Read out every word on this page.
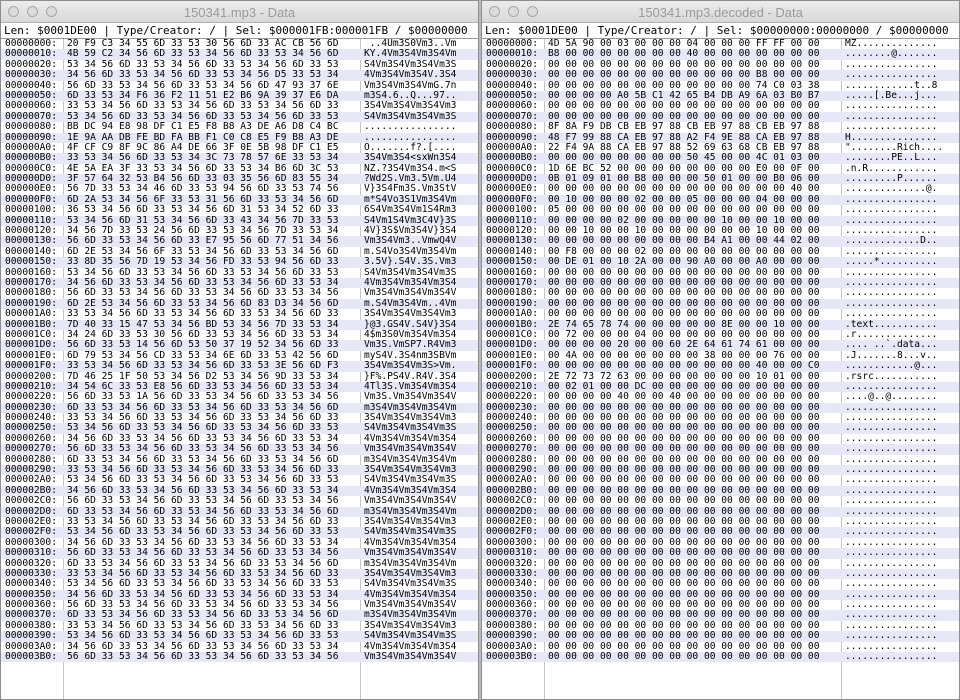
150341.mp3 - Data
Len: $0001DE00 | Type/Creator: / | Sel: $000001FB:000001FB / $00000000
00000000: 20 F9 C3 34 55 6D 33 53 30 56 6D 33 AC CB 56 6D	..4Um3S0Vm3..Vm
00000010: 4B 59 C2 34 56 6D 33 53 34 56 6D 33 53 34 56 6D	KY.4Vm3S4Vm3S4Vm
00000020: 53 34 56 6D 33 53 34 56 6D 33 53 34 56 6D 33 53	S4Vm3S4Vm3S4Vm3S
00000030: 34 56 6D 33 53 34 56 6D 33 53 34 56 D5 33 53 34	4Vm3S4Vm3S4V.3S4
00000040: 56 6D 33 53 34 56 6D 33 53 34 56 6D 47 93 37 6E	Vm3S4Vm3S4VmG.7n
00000050: 6D 33 53 34 F6 36 F2 11 51 E2 B6 9A 39 37 E6 DA	m3S4.6..Q...97..
00000060: 33 53 34 56 6D 33 53 34 56 6D 33 53 34 56 6D 33	3S4Vm3S4Vm3S4Vm3
00000070: 53 34 56 6D 33 53 34 56 6D 33 53 34 56 6D 33 53	S4Vm3S4Vm3S4Vm3S
00000080: BB DC 94 E8 98 DF C1 E5 F8 B8 A3 DE A6 D8 C4 BC	................
00000090: 1E 9A AA DB FE BD FA BB F1 C0 C8 E5 F9 B8 A3 DE	................
000000A0: 4F CF C9 8F 9C 86 A4 DE 66 3F 0E 5B 98 DF C1 E5	O.......f?.[....
000000B0: 33 53 34 56 6D 33 53 34 3C 73 78 57 6E 33 53 34	3S4Vm3S4<sxWn3S4
000000C0: 4E 5A EA 3F 33 53 34 56 6D 33 53 34 B6 6D 3C 53	NZ.?3S4Vm3S4.m<S
000000D0: 3F 57 64 32 53 B4 56 6D 33 03 35 56 6D 83 55 34	?Wd2S.Vm3.5Vm.U4
000000E0: 56 7D 33 53 34 46 6D 33 53 94 56 6D 33 53 74 56	V}3S4Fm3S.Vm3StV
000000F0: 6D 2A 53 34 56 6F 33 53 31 56 6D 33 53 34 56 6D	m*S4Vo3S1Vm3S4Vm
00000100: 36 53 34 56 6D 33 53 34 56 6D 31 53 34 52 6D 33	6S4Vm3S4Vm1S4Rm3
00000110: 53 34 56 6D 31 53 34 56 6D 33 43 34 56 7D 33 53	S4Vm1S4Vm3C4V}3S
00000120: 34 56 7D 33 53 24 56 6D 33 53 34 56 7D 33 53 34	4V}3S$Vm3S4V}3S4
00000130: 56 6D 33 53 34 56 6D 33 E7 95 56 6D 77 51 34 56	Vm3S4Vm3..VmwQ4V
00000140: 6D 2E 53 34 56 6F 33 53 34 56 6D 33 53 34 56 6D	m.S4Vo3S4Vm3S4Vm
00000150: 33 8D 35 56 7D 19 53 34 56 FD 33 53 94 56 6D 33	3.5V}.S4V.3S.Vm3
00000160: 53 34 56 6D 33 53 34 56 6D 33 53 34 56 6D 33 53	S4Vm3S4Vm3S4Vm3S
00000170: 34 56 6D 33 53 34 56 6D 33 53 34 56 6D 33 53 34	4Vm3S4Vm3S4Vm3S4
00000180: 56 6D 33 53 34 56 6D 33 53 34 56 6D 33 53 34 56	Vm3S4Vm3S4Vm3S4V
00000190: 6D 2E 53 34 56 6D 33 53 34 56 6D 83 D3 34 56 6D	m.S4Vm3S4Vm..4Vm
000001A0: 33 53 34 56 6D 33 53 34 56 6D 33 53 34 56 6D 33	3S4Vm3S4Vm3S4Vm3
000001B0: 7D 40 33 15 47 53 34 56 BD 53 34 56 7D 33 53 34	}@3.GS4V.S4V}3S4
000001C0: 34 24 6D 33 53 30 56 6D 33 53 34 56 6D 33 53 34	4$m3S0Vm3S4Vm3S4
000001D0: 56 6D 33 53 14 56 6D 53 50 37 19 52 34 56 6D 33	Vm3S.VmSP7.R4Vm3
000001E0: 6D 79 53 34 56 CD 33 53 34 6E 6D 33 53 42 56 6D	myS4V.3S4nm3SBVm
000001F0: 33 53 34 56 6D 33 53 34 56 6D 33 53 3E 56 6D F3	3S4Vm3S4Vm3S>Vm.
00000200: 7D 46 25 1F 50 53 34 56 D2 53 34 56 9D 33 53 34	}F%.PS4V.R4V.3S4
00000210: 34 54 6C 33 53 E8 56 6D 33 53 34 56 6D 33 53 34	4Tl3S.Vm3S4Vm3S4
00000220: 56 6D 33 53 1A 56 6D 33 53 34 56 6D 33 53 34 56	Vm3S.Vm3S4Vm3S4V
00000230: 6D 33 53 34 56 6D 33 53 34 56 6D 33 53 34 56 6D	m3S4Vm3S4Vm3S4Vm
00000240: 33 53 34 56 6D 33 53 34 56 6D 33 53 34 56 6D 33	3S4Vm3S4Vm3S4Vm3
00000250: 53 34 56 6D 33 53 34 56 6D 33 53 34 56 6D 33 53	S4Vm3S4Vm3S4Vm3S
00000260: 34 56 6D 33 53 34 56 6D 33 53 34 56 6D 33 53 34	4Vm3S4Vm3S4Vm3S4
00000270: 56 6D 33 53 34 56 6D 33 53 34 56 6D 33 53 34 56	Vm3S4Vm3S4Vm3S4V
00000280: 6D 33 53 34 56 6D 33 53 34 56 6D 33 53 34 56 6D	m3S4Vm3S4Vm3S4Vm
00000290: 33 53 34 56 6D 33 53 34 56 6D 33 53 34 56 6D 33	3S4Vm3S4Vm3S4Vm3
000002A0: 53 34 56 6D 33 53 34 56 6D 33 53 34 56 6D 33 53	S4Vm3S4Vm3S4Vm3S
000002B0: 34 56 6D 33 53 34 56 6D 33 53 34 56 6D 33 53 34	4Vm3S4Vm3S4Vm3S4
000002C0: 56 6D 33 53 34 56 6D 33 53 34 56 6D 33 53 34 56	Vm3S4Vm3S4Vm3S4V
000002D0: 6D 33 53 34 56 6D 33 53 34 56 6D 33 53 34 56 6D	m3S4Vm3S4Vm3S4Vm
000002E0: 33 53 34 56 6D 33 53 34 56 6D 33 53 34 56 6D 33	3S4Vm3S4Vm3S4Vm3
000002F0: 53 34 56 6D 33 53 34 56 6D 33 53 34 56 6D 33 53	S4Vm3S4Vm3S4Vm3S
00000300: 34 56 6D 33 53 34 56 6D 33 53 34 56 6D 33 53 34	4Vm3S4Vm3S4Vm3S4
00000310: 56 6D 33 53 34 56 6D 33 53 34 56 6D 33 53 34 56	Vm3S4Vm3S4Vm3S4V
00000320: 6D 33 53 34 56 6D 33 53 34 56 6D 33 53 34 56 6D	m3S4Vm3S4Vm3S4Vm
00000330: 33 53 34 56 6D 33 53 34 56 6D 33 53 34 56 6D 33	3S4Vm3S4Vm3S4Vm3
00000340: 53 34 56 6D 33 53 34 56 6D 33 53 34 56 6D 33 53	S4Vm3S4Vm3S4Vm3S
00000350: 34 56 6D 33 53 34 56 6D 33 53 34 56 6D 33 53 34	4Vm3S4Vm3S4Vm3S4
00000360: 56 6D 33 53 34 56 6D 33 53 34 56 6D 33 53 34 56	Vm3S4Vm3S4Vm3S4V
00000370: 6D 33 53 34 56 6D 33 53 34 56 6D 33 53 34 56 6D	m3S4Vm3S4Vm3S4Vm
00000380: 33 53 34 56 6D 33 53 34 56 6D 33 53 34 56 6D 33	3S4Vm3S4Vm3S4Vm3
00000390: 53 34 56 6D 33 53 34 56 6D 33 53 34 56 6D 33 53	S4Vm3S4Vm3S4Vm3S
000003A0: 34 56 6D 33 53 34 56 6D 33 53 34 56 6D 33 53 34	4Vm3S4Vm3S4Vm3S4
000003B0: 56 6D 33 53 34 56 6D 33 53 34 56 6D 33 53 34 56	Vm3S4Vm3S4Vm3S4V
150341.mp3.decoded - Data
Len: $0001DE00 | Type/Creator: / | Sel: $00000000:00000000 / $00000000
00000000: 4D 5A 90 00 03 00 00 00 04 00 00 00 FF FF 00 00	MZ..............
00000010: B8 00 00 00 00 00 00 00 40 00 00 00 00 00 00 00	........@.......
00000020: 00 00 00 00 00 00 00 00 00 00 00 00 00 00 00 00	................
00000030: 00 00 00 00 00 00 00 00 00 00 00 00 B8 00 00 00	................
00000040: 00 00 00 00 00 00 00 00 00 00 00 00 74 C0 03 38	............t..8
00000050: 00 00 00 00 A0 5B C1 42 65 B4 DB A9 6A 03 B0 B7	.....[.Be...j...
00000060: 00 00 00 00 00 00 00 00 00 00 00 00 00 00 00 00	................
00000070: 00 00 00 00 00 00 00 00 00 00 00 00 00 00 00 00	................
00000080: 8F 8A F9 DB CB EB 97 88 CB EB 97 88 CB EB 97 88	................
00000090: 48 F7 99 88 CA EB 97 88 A2 F4 9E 88 CA EB 97 88	H...............
000000A0: 22 F4 9A 88 CA EB 97 88 52 69 63 68 CB EB 97 88	"........Rich....
000000B0: 00 00 00 00 00 00 00 00 50 45 00 00 4C 01 03 00	........PE..L...
000000C0: 1D 6E BC 52 00 00 00 00 00 00 00 00 E0 00 0F 00	.n.R............
000000D0: 0B 01 09 01 00 B8 00 00 00 50 01 00 00 B0 06 00	.........P......
000000E0: 00 00 00 00 00 00 00 00 00 00 00 00 00 00 40 00	..............@.
000000F0: 00 10 00 00 00 02 00 00 05 00 00 00 04 00 00 00	................
00000100: 05 00 00 00 00 00 00 00 00 00 00 00 00 00 00 00	................
00000110: 00 00 00 00 02 00 00 00 00 00 10 00 00 10 00 00	................
00000120: 00 00 10 00 00 10 00 00 00 00 00 00 10 00 00 00	................
00000130: 00 00 00 00 00 00 00 00 00 B4 A1 00 00 44 02 00	.............D..
00000140: 00 F8 00 00 00 02 00 00 00 00 00 00 00 00 00 00	................
00000150: 00 DE 01 00 10 2A 00 00 90 A0 00 00 A0 00 00 00	.....*..........
00000160: 00 00 00 00 00 00 00 00 00 00 00 00 00 00 00 00	................
00000170: 00 00 00 00 00 00 00 00 00 00 00 00 00 00 00 00	................
00000180: 00 00 00 00 00 00 00 00 00 00 00 00 00 00 00 00	................
00000190: 00 00 00 00 00 00 00 00 00 00 00 00 00 00 00 00	................
000001A0: 00 00 00 00 00 00 00 00 00 00 00 00 00 00 00 00	................
000001B0: 2E 74 65 78 74 00 00 00 00 00 8E 00 00 10 00 00	.text...........
000001C0: 00 72 00 00 00 04 00 00 00 00 00 00 00 00 00 00	.r..............
000001D0: 00 00 00 00 20 00 00 60 2E 64 61 74 61 00 00 00	.... ..`.data...
000001E0: 00 4A 00 00 00 00 00 00 00 38 00 00 00 76 00 00	.J.......8...v..
000001F0: 00 00 00 00 00 00 00 00 00 00 00 00 40 00 00 C0	............@...
00000200: 2E 72 73 72 63 00 00 00 00 00 00 00 10 01 00 00	.rsrc...........
00000210: 00 02 01 00 00 DC 00 00 00 00 00 00 00 00 00 00	................
00000220: 00 00 00 00 40 00 00 40 00 00 00 00 00 00 00 00	....@..@........
00000230: 00 00 00 00 00 00 00 00 00 00 00 00 00 00 00 00	................
00000240: 00 00 00 00 00 00 00 00 00 00 00 00 00 00 00 00	................
00000250: 00 00 00 00 00 00 00 00 00 00 00 00 00 00 00 00	................
00000260: 00 00 00 00 00 00 00 00 00 00 00 00 00 00 00 00	................
00000270: 00 00 00 00 00 00 00 00 00 00 00 00 00 00 00 00	................
00000280: 00 00 00 00 00 00 00 00 00 00 00 00 00 00 00 00	................
00000290: 00 00 00 00 00 00 00 00 00 00 00 00 00 00 00 00	................
000002A0: 00 00 00 00 00 00 00 00 00 00 00 00 00 00 00 00	................
000002B0: 00 00 00 00 00 00 00 00 00 00 00 00 00 00 00 00	................
000002C0: 00 00 00 00 00 00 00 00 00 00 00 00 00 00 00 00	................
000002D0: 00 00 00 00 00 00 00 00 00 00 00 00 00 00 00 00	................
000002E0: 00 00 00 00 00 00 00 00 00 00 00 00 00 00 00 00	................
000002F0: 00 00 00 00 00 00 00 00 00 00 00 00 00 00 00 00	................
00000300: 00 00 00 00 00 00 00 00 00 00 00 00 00 00 00 00	................
00000310: 00 00 00 00 00 00 00 00 00 00 00 00 00 00 00 00	................
00000320: 00 00 00 00 00 00 00 00 00 00 00 00 00 00 00 00	................
00000330: 00 00 00 00 00 00 00 00 00 00 00 00 00 00 00 00	................
00000340: 00 00 00 00 00 00 00 00 00 00 00 00 00 00 00 00	................
00000350: 00 00 00 00 00 00 00 00 00 00 00 00 00 00 00 00	................
00000360: 00 00 00 00 00 00 00 00 00 00 00 00 00 00 00 00	................
00000370: 00 00 00 00 00 00 00 00 00 00 00 00 00 00 00 00	................
00000380: 00 00 00 00 00 00 00 00 00 00 00 00 00 00 00 00	................
00000390: 00 00 00 00 00 00 00 00 00 00 00 00 00 00 00 00	................
000003A0: 00 00 00 00 00 00 00 00 00 00 00 00 00 00 00 00	................
000003B0: 00 00 00 00 00 00 00 00 00 00 00 00 00 00 00 00	................
